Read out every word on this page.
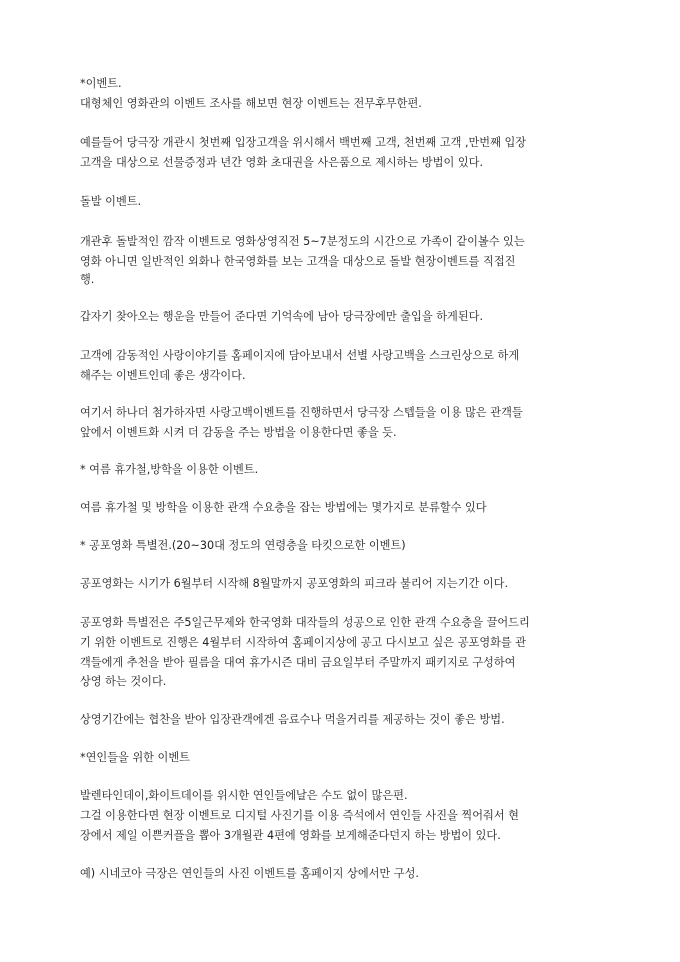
*이벤트.

대형체인 영화관의 이벤트 조사를 해보면 현장 이벤트는 전무후무한편.

예를들어 당극장 개관시 첫번째 입장고객을 위시해서 백번째 고객, 천번째 고객 ,만번째 입장

고객을 대상으로 선물증정과 년간 영화 초대권을 사은품으로 제시하는 방법이 있다.

돌발 이벤트.

개관후 돌발적인 깜작 이벤트로 영화상영직전 5~7분정도의 시간으로 가족이 같이볼수 있는

영화 아니면 일반적인 외화나 한국영화를 보는 고객을 대상으로 돌발 현장이벤트를 직접진

행.

갑자기 찾아오는 행운을 만들어 준다면 기억속에 남아 당극장에만 출입을 하게된다.

고객에 감동적인 사랑이야기를 홈페이지에 담아보내서 선별 사랑고백을 스크린상으로 하게

해주는 이벤트인데 좋은 생각이다.

여기서 하나더 첨가하자면 사랑고백이벤트를 진행하면서 당극장 스텝들을 이용 많은 관객들

앞에서 이벤트화 시켜 더 감동을 주는 방법을 이용한다면 좋을 듯.

* 여름 휴가철,방학을 이용한 이벤트.

여름 휴가철 및 방학을 이용한 관객 수요층을 잡는 방법에는 몇가지로 분류할수 있다

* 공포영화 특별전.(20~30대 정도의 연령층을 타킷으로한 이벤트)

공포영화는 시기가 6월부터 시작해 8월말까지 공포영화의 피크라 불리어 지는기간 이다.

공포영화 특별전은 주5일근무제와 한국영화 대작들의 성공으로 인한 관객 수요층을 끌어드리

기 위한 이벤트로 진행은 4월부터 시작하여 홈페이지상에 공고 다시보고 싶은 공포영화를 관

객들에게 추천을 받아 필름을 대여 휴가시즌 대비 금요일부터 주말까지 패키지로 구성하여

상영 하는 것이다.

상영기간에는 협찬을 받아 입장관객에겐 음료수나 먹을거리를 제공하는 것이 좋은 방법.

*연인들을 위한 이벤트

발렌타인데이,화이트데이를 위시한 연인들에날은 수도 없이 많은편.

그걸 이용한다면 현장 이벤트로 디지털 사진기를 이용 즉석에서 연인들 사진을 찍어줘서 현

장에서 제일 이쁜커플을 뽑아 3개월관 4편에 영화를 보게해준다던지 하는 방법이 있다.

예) 시네코아 극장은 연인들의 사진 이벤트를 홈페이지 상에서만 구성.
